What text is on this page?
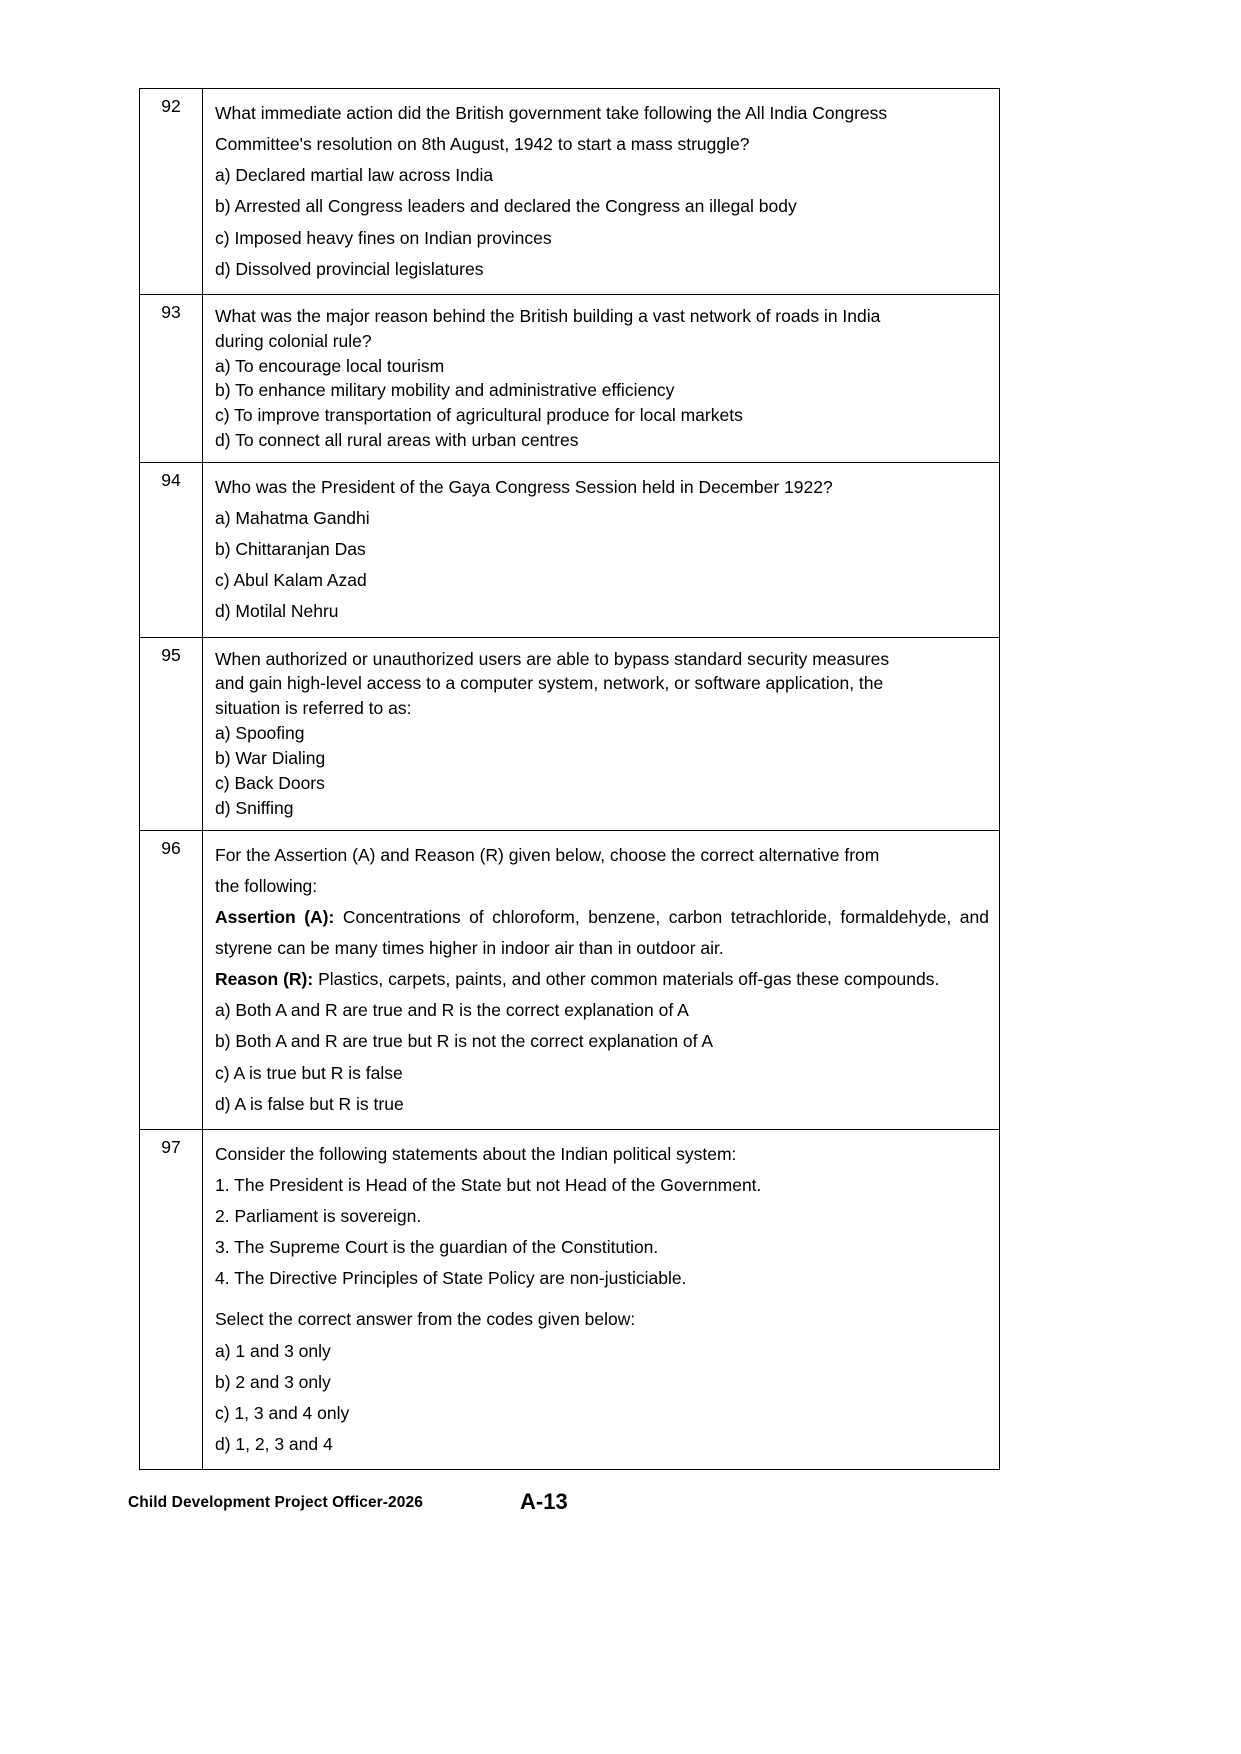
92	What immediate action did the British government take following the All India Congress

Committee's resolution on 8th August, 1942 to start a mass struggle?

a) Declared martial law across India

b) Arrested all Congress leaders and declared the Congress an illegal body

c) Imposed heavy fines on Indian provinces

d) Dissolved provincial legislatures

93	What was the major reason behind the British building a vast network of roads in India

during colonial rule?

a) To encourage local tourism

b) To enhance military mobility and administrative efficiency

c) To improve transportation of agricultural produce for local markets

d) To connect all rural areas with urban centres

94	Who was the President of the Gaya Congress Session held in December 1922?

a) Mahatma Gandhi

b) Chittaranjan Das

c) Abul Kalam Azad

d) Motilal Nehru

95	When authorized or unauthorized users are able to bypass standard security measures

and gain high-level access to a computer system, network, or software application, the

situation is referred to as:

a) Spoofing

b) War Dialing

c) Back Doors

d) Sniffing

96	For the Assertion (A) and Reason (R) given below, choose the correct alternative from

the following:

Assertion (A): Concentrations of chloroform, benzene, carbon tetrachloride, formaldehyde, and styrene can be many times higher in indoor air than in outdoor air.

Reason (R): Plastics, carpets, paints, and other common materials off-gas these compounds.

a) Both A and R are true and R is the correct explanation of A

b) Both A and R are true but R is not the correct explanation of A

c) A is true but R is false

d) A is false but R is true

97	Consider the following statements about the Indian political system:

1. The President is Head of the State but not Head of the Government.

2. Parliament is sovereign.

3. The Supreme Court is the guardian of the Constitution.

4. The Directive Principles of State Policy are non-justiciable.

Select the correct answer from the codes given below:

a) 1 and 3 only

b) 2 and 3 only

c) 1, 3 and 4 only

d) 1, 2, 3 and 4

Child Development Project Officer-2026	A-13
